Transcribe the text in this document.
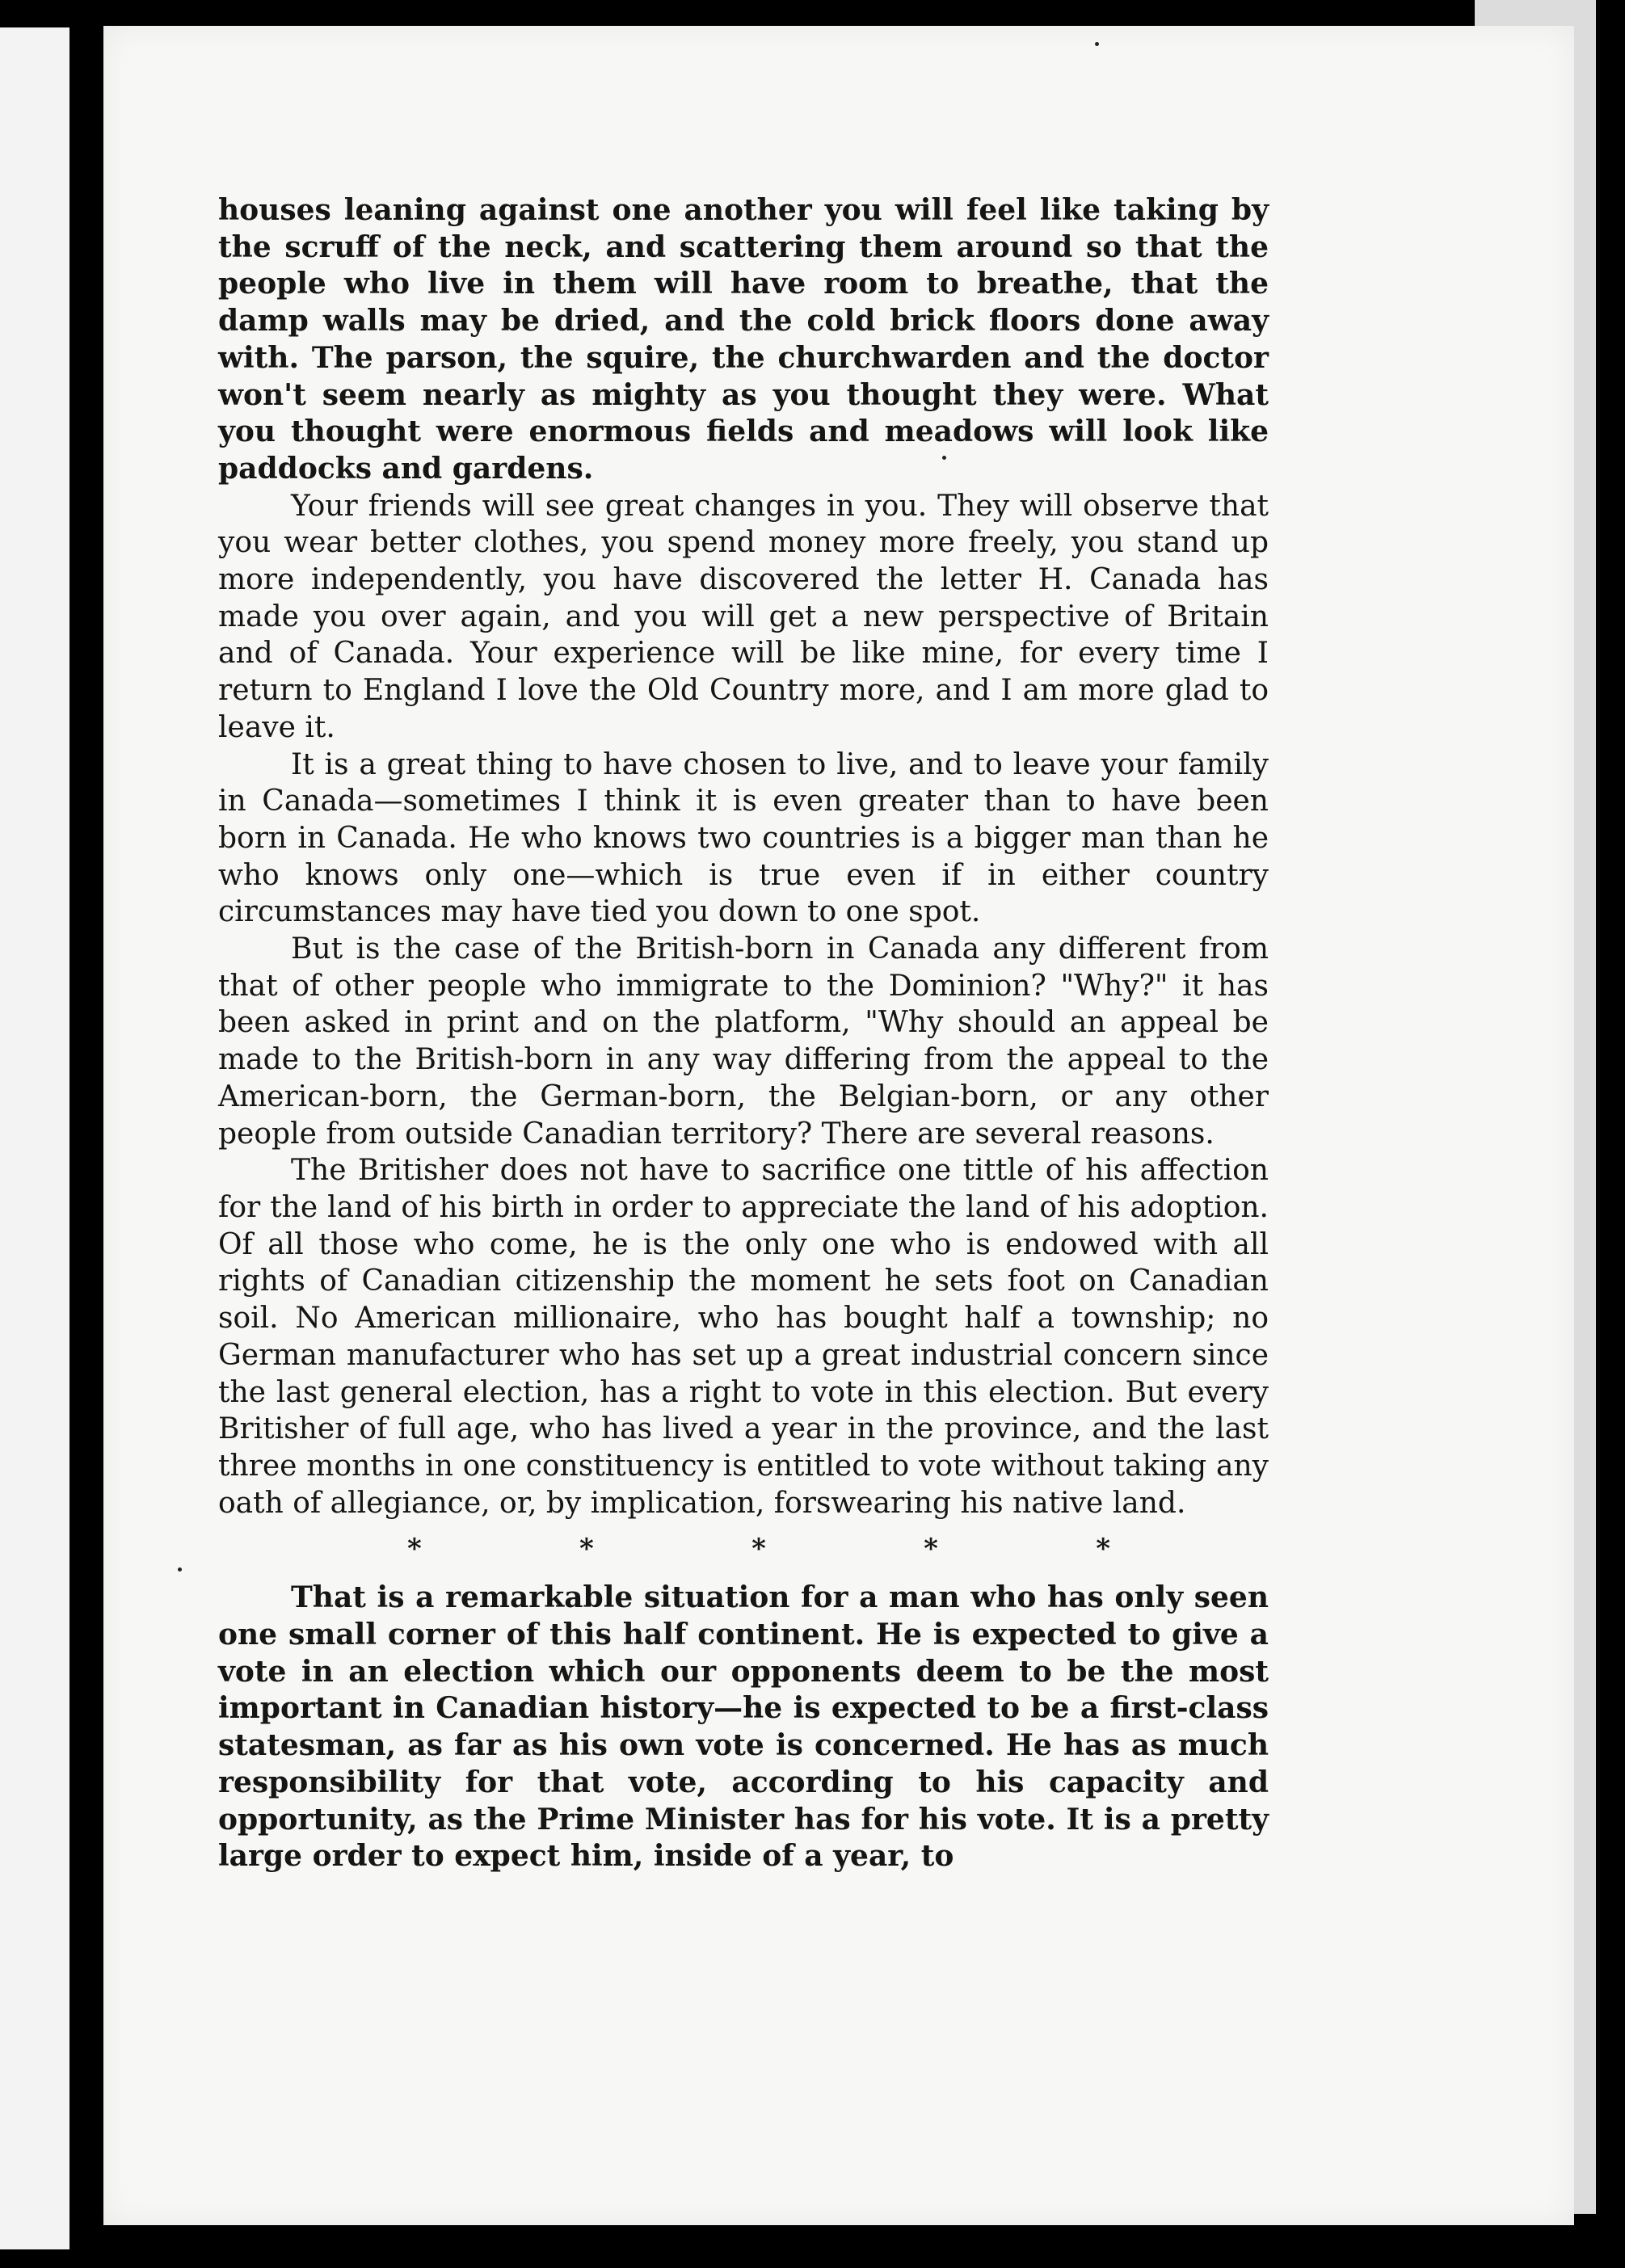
houses leaning against one another you will feel like taking by the scruff of the neck, and scattering them around so that the people who live in them will have room to breathe, that the damp walls may be dried, and the cold brick floors done away with. The parson, the squire, the churchwarden and the doctor won't seem nearly as mighty as you thought they were. What you thought were enormous fields and meadows will look like paddocks and gardens.

Your friends will see great changes in you. They will observe that you wear better clothes, you spend money more freely, you stand up more independently, you have discovered the letter H. Canada has made you over again, and you will get a new perspective of Britain and of Canada. Your experience will be like mine, for every time I return to England I love the Old Country more, and I am more glad to leave it.

It is a great thing to have chosen to live, and to leave your family in Canada—sometimes I think it is even greater than to have been born in Canada. He who knows two countries is a bigger man than he who knows only one—which is true even if in either country circumstances may have tied you down to one spot.

But is the case of the British-born in Canada any different from that of other people who immigrate to the Dominion? "Why?" it has been asked in print and on the platform, "Why should an appeal be made to the British-born in any way differing from the appeal to the American-born, the German-born, the Belgian-born, or any other people from outside Canadian territory? There are several reasons.

The Britisher does not have to sacrifice one tittle of his affection for the land of his birth in order to appreciate the land of his adoption. Of all those who come, he is the only one who is endowed with all rights of Canadian citizenship the moment he sets foot on Canadian soil. No American millionaire, who has bought half a township; no German manufacturer who has set up a great industrial concern since the last general election, has a right to vote in this election. But every Britisher of full age, who has lived a year in the province, and the last three months in one constituency is entitled to vote without taking any oath of allegiance, or, by implication, forswearing his native land.

*	*	*	*	*

That is a remarkable situation for a man who has only seen one small corner of this half continent. He is expected to give a vote in an election which our opponents deem to be the most important in Canadian history—he is expected to be a first-class statesman, as far as his own vote is concerned. He has as much responsibility for that vote, according to his capacity and opportunity, as the Prime Minister has for his vote. It is a pretty large order to expect him, inside of a year, to
